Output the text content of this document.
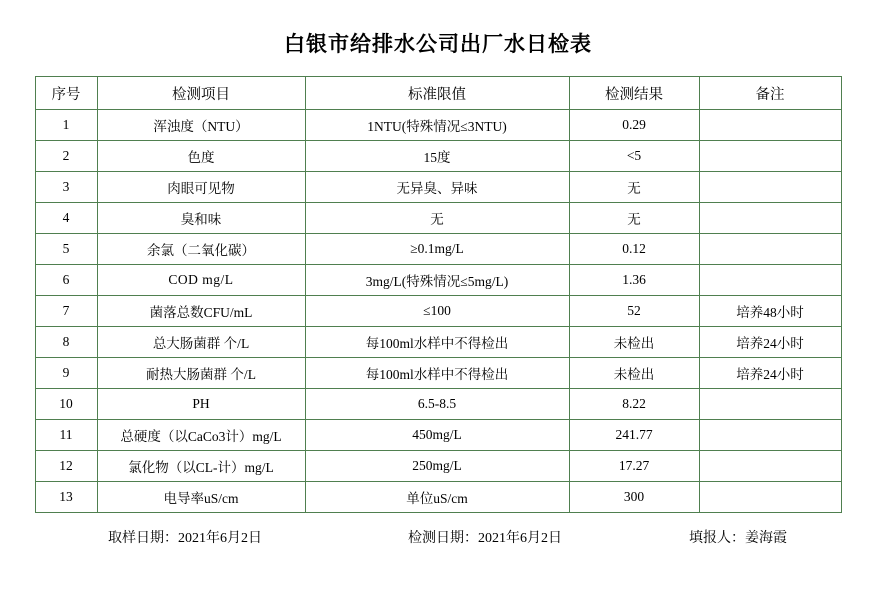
白银市给排水公司出厂水日检表
序号	检测项目	标准限值	检测结果	备注
1	浑浊度（NTU）	1NTU(特殊情况≤3NTU)	0.29	
2	色度	15度	<5	
3	肉眼可见物	无异臭、异味	无	
4	臭和味	无	无	
5	余氯（二氧化碳）	≥0.1mg/L	0.12	
6	COD mg/L	3mg/L(特殊情况≤5mg/L)	1.36	
7	菌落总数CFU/mL	≤100	52	培养48小时
8	总大肠菌群 个/L	每100ml水样中不得检出	未检出	培养24小时
9	耐热大肠菌群 个/L	每100ml水样中不得检出	未检出	培养24小时
10	PH	6.5-8.5	8.22	
11	总硬度（以CaCo3计）mg/L	450mg/L	241.77	
12	氯化物（以CL-计）mg/L	250mg/L	17.27	
13	电导率uS/cm	单位uS/cm	300	
取样日期：2021年6月2日	检测日期：2021年6月2日	填报人：姜海霞
